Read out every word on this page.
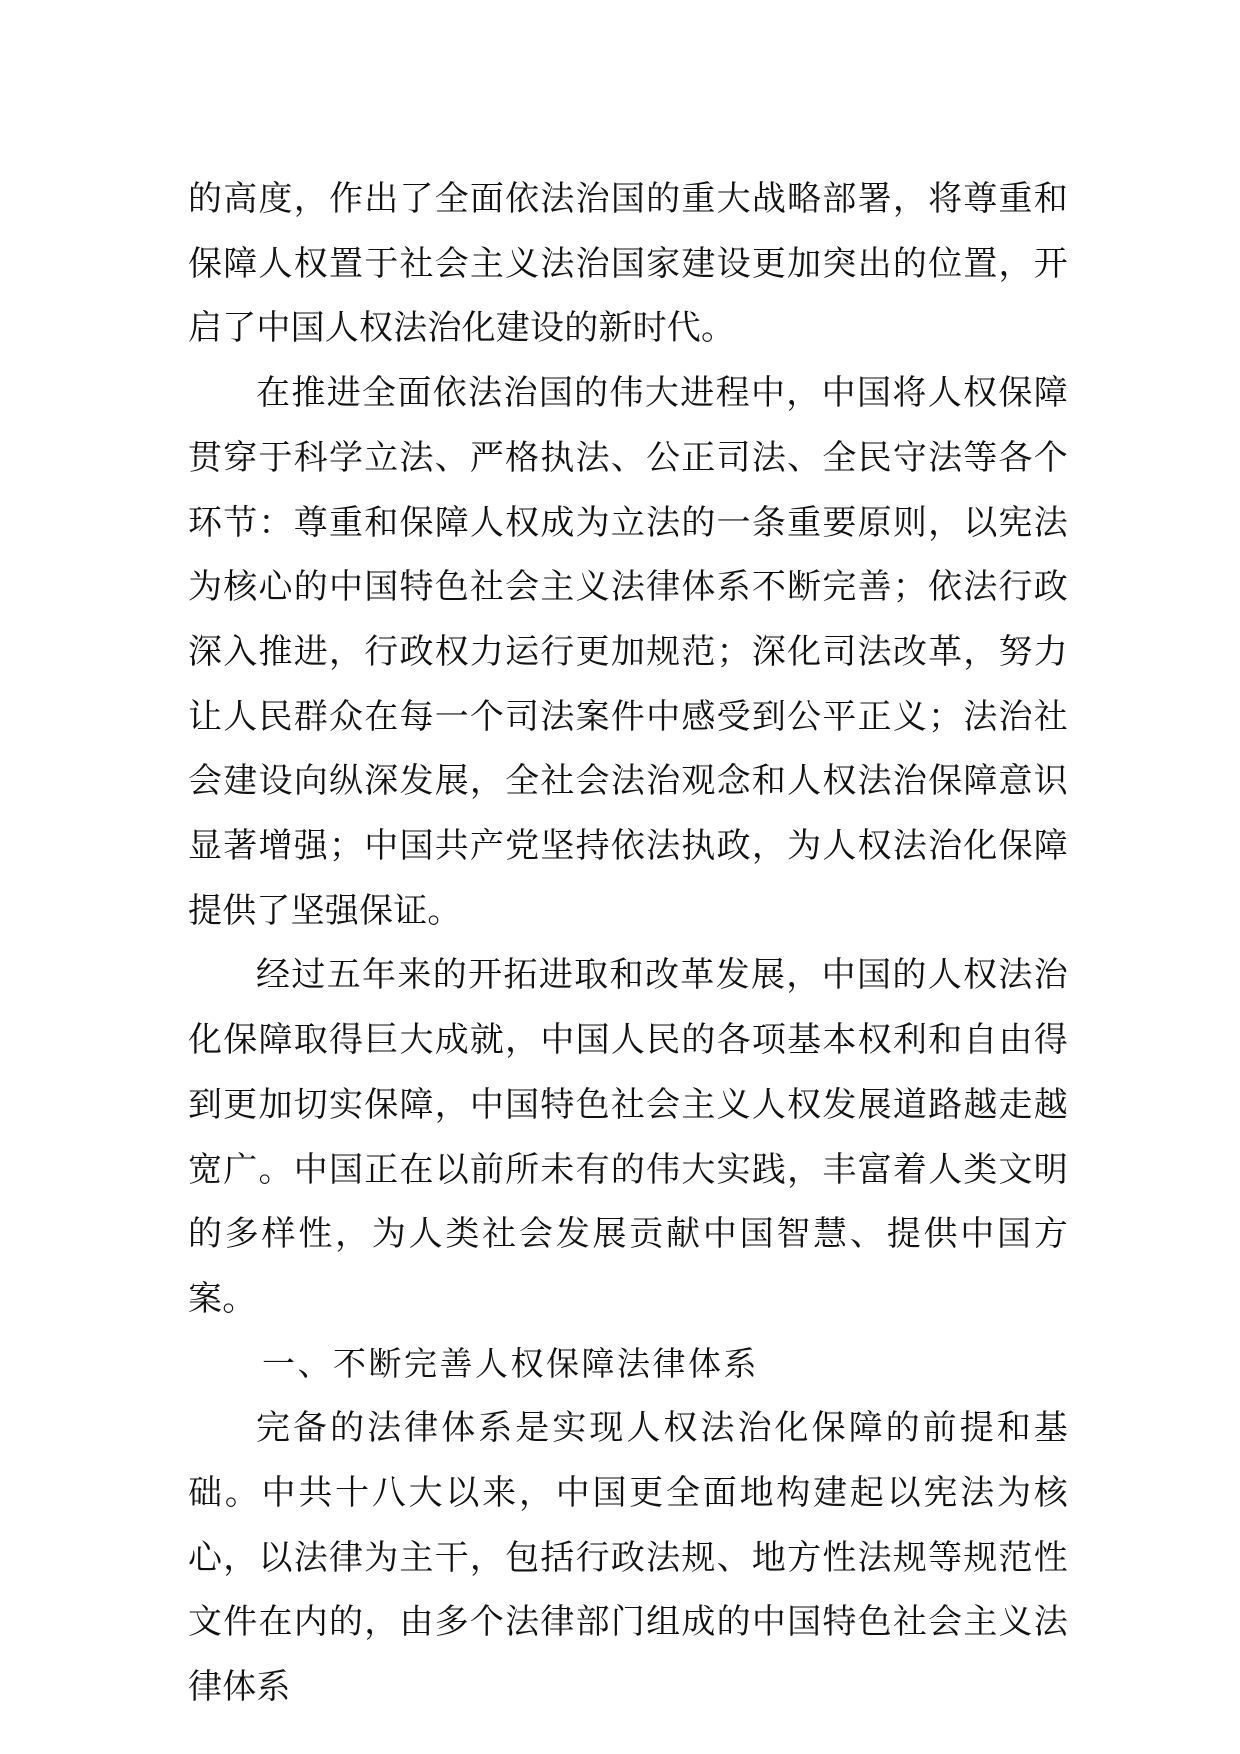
的高度，作出了全面依法治国的重大战略部署，将尊重和保障人权置于社会主义法治国家建设更加突出的位置，开启了中国人权法治化建设的新时代。

在推进全面依法治国的伟大进程中，中国将人权保障贯穿于科学立法、严格执法、公正司法、全民守法等各个环节：尊重和保障人权成为立法的一条重要原则，以宪法为核心的中国特色社会主义法律体系不断完善；依法行政深入推进，行政权力运行更加规范；深化司法改革，努力让人民群众在每一个司法案件中感受到公平正义；法治社会建设向纵深发展，全社会法治观念和人权法治保障意识显著增强；中国共产党坚持依法执政，为人权法治化保障提供了坚强保证。

经过五年来的开拓进取和改革发展，中国的人权法治化保障取得巨大成就，中国人民的各项基本权利和自由得到更加切实保障，中国特色社会主义人权发展道路越走越宽广。中国正在以前所未有的伟大实践，丰富着人类文明的多样性，为人类社会发展贡献中国智慧、提供中国方案。

一、不断完善人权保障法律体系

完备的法律体系是实现人权法治化保障的前提和基础。中共十八大以来，中国更全面地构建起以宪法为核心，以法律为主干，包括行政法规、地方性法规等规范性文件在内的，由多个法律部门组成的中国特色社会主义法律体系
